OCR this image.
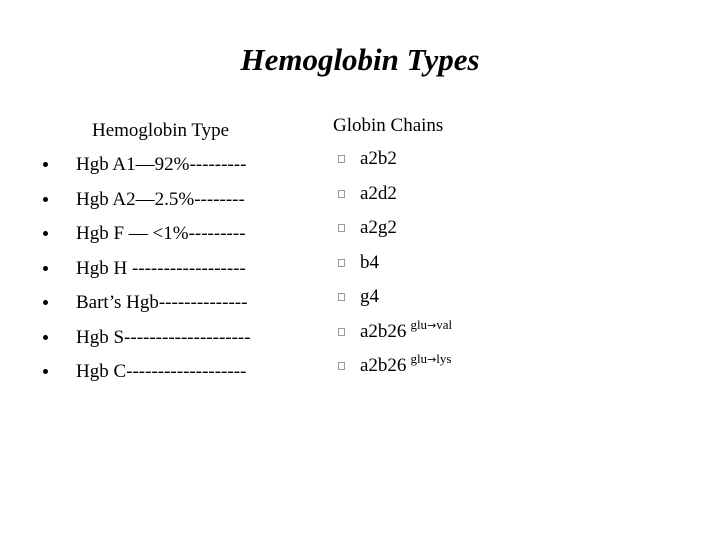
Hemoglobin Types
Hemoglobin Type
Hgb A1—92%---------
Hgb A2—2.5%--------
Hgb F — <1%---------
Hgb H ------------------
Bart’s Hgb--------------
Hgb S--------------------
Hgb C-------------------
Globin Chains
a2b2
a2d2
a2g2
b4
g4
a2b26 $^{glu\to val}$
a2b26 $^{glu\to lys}$
